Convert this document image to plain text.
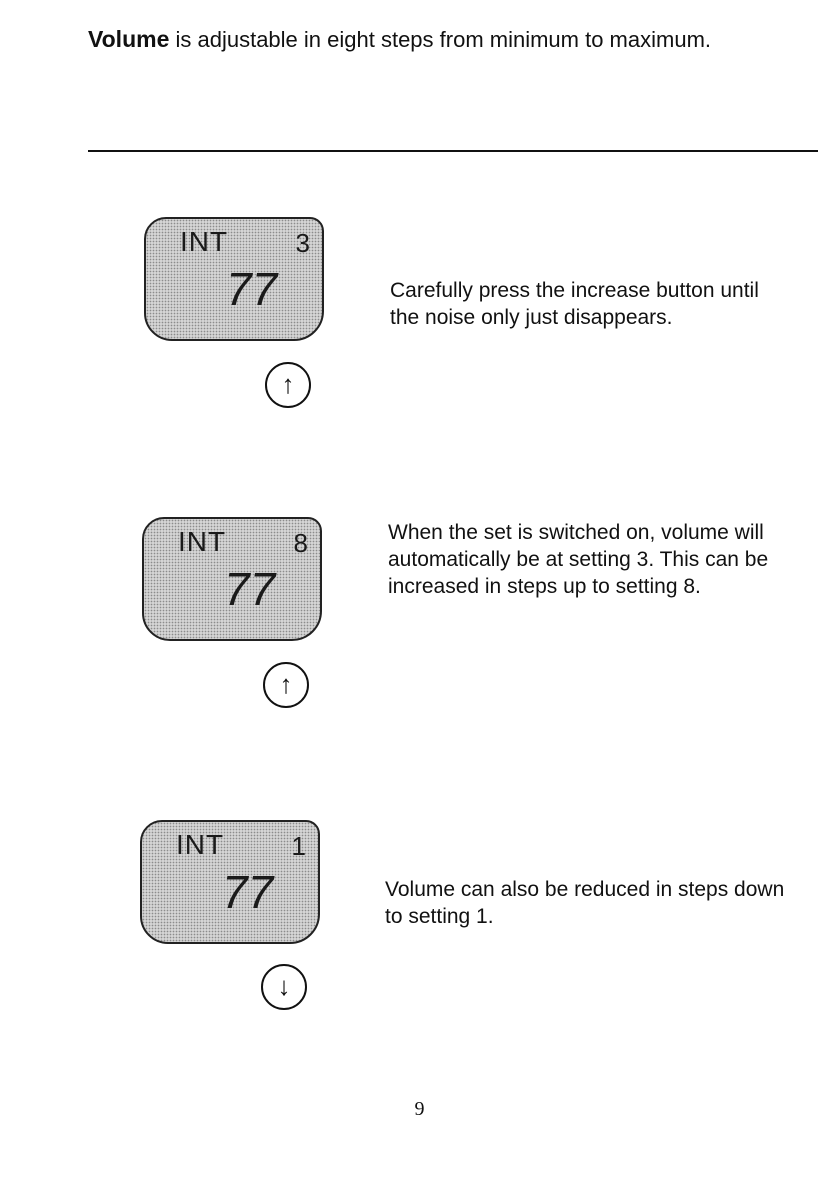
Volume is adjustable in eight steps from minimum to maximum.
INT	3
77
↑
Carefully press the increase button until the noise only just disappears.
INT	8
77
↑
When the set is switched on, volume will automatically be at setting 3. This can be increased in steps up to setting 8.
INT	1
77
↓
Volume can also be reduced in steps down to setting 1.
9
